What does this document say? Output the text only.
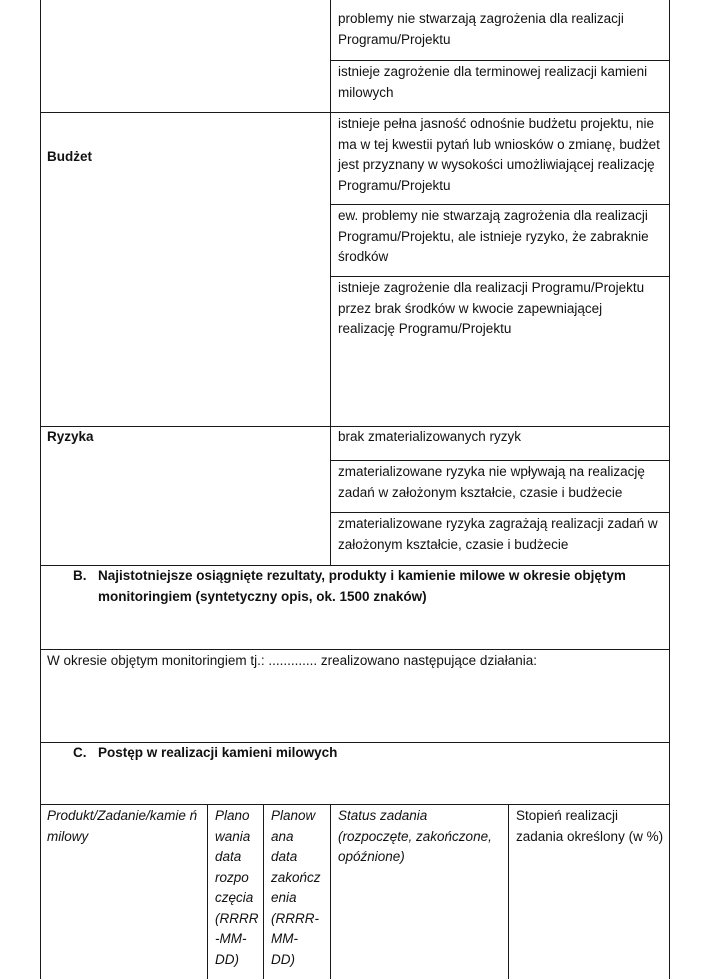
problemy nie stwarzają zagrożenia dla realizacji Programu/Projektu
istnieje zagrożenie dla terminowej realizacji kamieni milowych
Budżet
istnieje pełna jasność odnośnie budżetu projektu, nie ma w tej kwestii pytań lub wniosków o zmianę, budżet jest przyznany w wysokości umożliwiającej realizację Programu/Projektu
ew. problemy nie stwarzają zagrożenia dla realizacji Programu/Projektu, ale istnieje ryzyko, że zabraknie środków
istnieje zagrożenie dla realizacji Programu/Projektu przez brak środków w kwocie zapewniającej realizację Programu/Projektu
Ryzyka	brak zmaterializowanych ryzyk
zmaterializowane ryzyka nie wpływają na realizację zadań w założonym kształcie, czasie i budżecie
zmaterializowane ryzyka zagrażają realizacji zadań w założonym kształcie, czasie i budżecie
B. Najistotniejsze osiągnięte rezultaty, produkty i kamienie milowe w okresie objętym monitoringiem (syntetyczny opis, ok. 1500 znaków)
W okresie objętym monitoringiem tj.: ............. zrealizowano następujące działania:
C. Postęp w realizacji kamieni milowych
Produkt/Zadanie/kamie ń milowy
Plano wania data rozpo częcia (RRRR -MM- DD)
Planow ana data zakończ enia (RRRR- MM- DD)
Status zadania (rozpoczęte, zakończone, opóźnione)
Stopień realizacji zadania określony (w %)
